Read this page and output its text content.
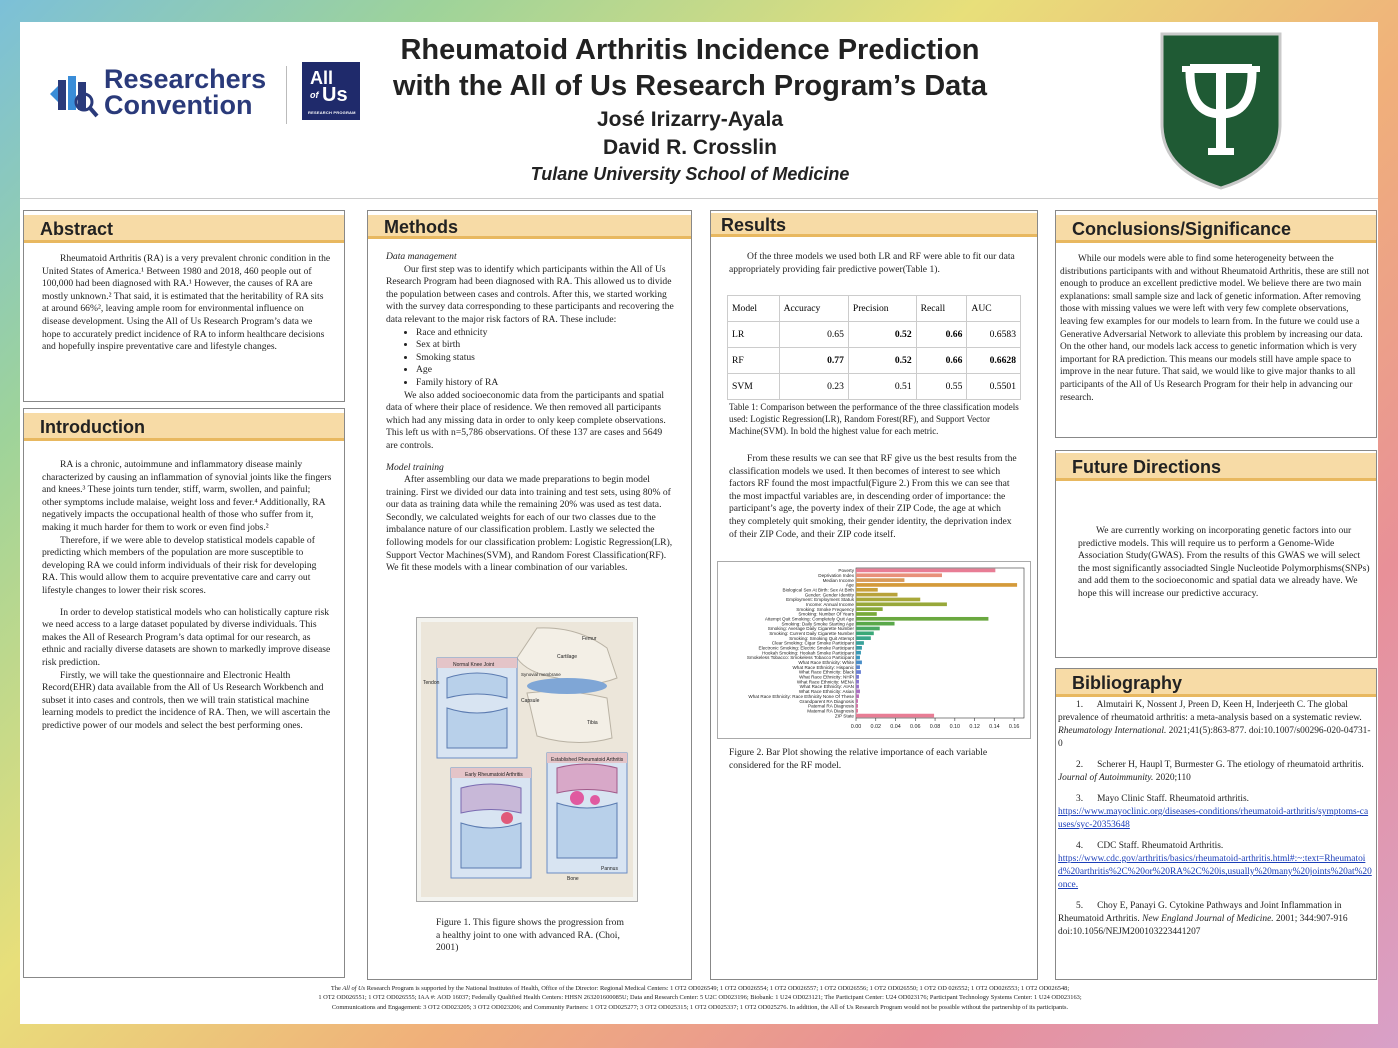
Researchers
Convention
All
of Us
RESEARCH PROGRAM
Rheumatoid Arthritis Incidence Prediction
with the All of Us Research Program’s Data
José Irizarry-Ayala
David R. Crosslin
Tulane University School of Medicine
Abstract

Rheumatoid Arthritis (RA) is a very prevalent chronic condition in the United States of America.¹ Between 1980 and 2018, 460 people out of 100,000 had been diagnosed with RA.¹ However, the causes of RA are mostly unknown.² That said, it is estimated that the heritability of RA sits at around 66%², leaving ample room for environmental influence on disease development. Using the All of Us Research Program’s data we hope to accurately predict incidence of RA to inform healthcare decisions and hopefully inspire preventative care and lifestyle changes.

Introduction

RA is a chronic, autoimmune and inflammatory disease mainly characterized by causing an inflammation of synovial joints like the fingers and knees.³ These joints turn tender, stiff, warm, swollen, and painful; other symptoms include malaise, weight loss and fever.⁴ Additionally, RA negatively impacts the occupational health of those who suffer from it, making it much harder for them to work or even find jobs.²

Therefore, if we were able to develop statistical models capable of predicting which members of the population are more susceptible to developing RA we could inform individuals of their risk for developing RA. This would allow them to acquire preventative care and carry out lifestyle changes to lower their risk scores.

In order to develop statistical models who can holistically capture risk we need access to a large dataset populated by diverse individuals. This makes the All of Research Program’s data optimal for our research, as ethnic and racially diverse datasets are shown to markedly improve disease risk prediction.

Firstly, we will take the questionnaire and Electronic Health Record(EHR) data available from the All of Us Research Workbench and subset it into cases and controls, then we will train statistical machine learning models to predict the incidence of RA. Then, we will ascertain the predictive power of our models and select the best performing ones.

Methods
Data management

Our first step was to identify which participants within the All of Us Research Program had been diagnosed with RA. This allowed us to divide the population between cases and controls. After this, we started working with the survey data corresponding to these participants and recovering the data relevant to the major risk factors of RA. These include:

• Race and ethnicity
• Sex at birth
• Smoking status
• Age
• Family history of RA

We also added socioeconomic data from the participants and spatial data of where their place of residence. We then removed all participants which had any missing data in order to only keep complete observations. This left us with n=5,786 observations. Of these 137 are cases and 5649 are controls.

Model training

After assembling our data we made preparations to begin model training. First we divided our data into training and test sets, using 80% of our data as training data while the remaining 20% was used as test data. Secondly, we calculated weights for each of our two classes due to the imbalance nature of our classification problem. Lastly we selected the following models for our classification problem: Logistic Regression(LR), Support Vector Machines(SVM), and Random Forest Classification(RF). We fit these models with a linear combination of our variables.

Normal Knee Joint
Early Rheumatoid Arthritis
Established Rheumatoid Arthritis
Femur
Tibia
Cartilage
Synovial membrane
Capsule
Tendon
Bone
Pannus
Figure 1. This figure shows the progression from a healthy joint to one with advanced RA. (Choi, 2001)
Results

Of the three models we used both LR and RF were able to fit our data appropriately providing fair predictive power(Table 1).

Model	Accuracy	Precision	Recall	AUC
LR	0.65	0.52	0.66	0.6583
RF	0.77	0.52	0.66	0.6628
SVM	0.23	0.51	0.55	0.5501
Table 1: Comparison between the performance of the three classification models used: Logistic Regression(LR), Random Forest(RF), and Support Vector Machine(SVM). In bold the highest value for each metric.

From these results we can see that RF give us the best results from the classification models we used. It then becomes of interest to see which factors RF found the most impactful(Figure 2.) From this we can see that the most impactful variables are, in descending order of importance: the participant’s age, the poverty index of their ZIP Code, the age at which they completely quit smoking, their gender identity, the deprivation index of their ZIP Code, and their ZIP code itself.

Poverty
Deprivation Index
Median Income
Age
Biological Sex At Birth: Sex At Birth
Gender: Gender Identity
Employment: Employment Status
Income: Annual Income
Smoking: Smoke Frequency
Smoking: Number Of Years
Attempt Quit Smoking: Completely Quit Age
Smoking: Daily Smoke Starting Age
Smoking: Average Daily Cigarette Number
Smoking: Current Daily Cigarette Number
Smoking: Smoking Quit Attempt
Clear Smoking: Cigar Smoke Participant
Electronic Smoking: Electric Smoke Participant
Hookah Smoking: Hookah Smoke Participant
Smokeless Tobacco: Smokeless Tobacco Participant
What Race Ethnicity: White
What Race Ethnicity: Hispanic
What Race Ethnicity: Black
What Race Ethnicity: NHPI
What Race Ethnicity: MENA
What Race Ethnicity: AIAN
What Race Ethnicity: Asian
What Race Ethnicity: Race Ethnicity None Of These
Grandparent RA Diagnosis
Paternal RA Diagnosis
Maternal RA Diagnosis
ZIP State
0.00 0.02 0.04 0.06 0.08 0.10 0.12 0.14 0.16
Figure 2. Bar Plot showing the relative importance of each variable considered for the RF model.
Conclusions/Significance

While our models were able to find some heterogeneity between the distributions participants with and without Rheumatoid Arthritis, these are still not enough to produce an excellent predictive model. We believe there are two main explanations: small sample size and lack of genetic information. After removing those with missing values we were left with very few complete observations, leaving few examples for our models to learn from. In the future we could use a Generative Adversarial Network to alleviate this problem by increasing our data. On the other hand, our models lack access to genetic information which is very important for RA prediction. This means our models still have ample space to improve in the near future. That said, we would like to give major thanks to all participants of the All of Us Research Program for their help in advancing our research.

Future Directions

We are currently working on incorporating genetic factors into our predictive models. This will require us to perform a Genome-Wide Association Study(GWAS). From the results of this GWAS we will select the most significantly associadted Single Nucleotide Polymorphisms(SNPs) and add them to the socioeconomic and spatial data we already have. We hope this will increase our predictive accuracy.

Bibliography

1.      Almutairi K, Nossent J, Preen D, Keen H, Inderjeeth C. The global prevalence of rheumatoid arthritis: a meta-analysis based on a systematic review. Rheumatology International. 2021;41(5):863-877. doi:10.1007/s00296-020-04731-0

2.      Scherer H, Haupl T, Burmester G. The etiology of rheumatoid arthritis. Journal of Autoimmunity. 2020;110

3.      Mayo Clinic Staff. Rheumatoid arthritis.
https://www.mayoclinic.org/diseases-conditions/rheumatoid-arthritis/symptoms-causes/syc-20353648

4.      CDC Staff. Rheumatoid Arthritis.
https://www.cdc.gov/arthritis/basics/rheumatoid-arthritis.html#:~:text=Rheumatoid%20arthritis%2C%20or%20RA%2C%20is,usually%20many%20joints%20at%20once.

5.      Choy E, Panayi G. Cytokine Pathways and Joint Inflammation in Rheumatoid Arthritis. New England Journal of Medicine. 2001; 344:907-916 doi:10.1056/NEJM200103223441207

The All of Us Research Program is supported by the National Institutes of Health, Office of the Director: Regional Medical Centers: 1 OT2 OD026549; 1 OT2 OD026554; 1 OT2 OD026557; 1 OT2 OD026556; 1 OT2 OD026550; 1 OT2 OD 026552; 1 OT2 OD026553; 1 OT2 OD026548;
1 OT2 OD026551; 1 OT2 OD026555; IAA #: AOD 16037; Federally Qualified Health Centers: HHSN 263201600085U; Data and Research Center: 5 U2C OD023196; Biobank: 1 U24 OD023121; The Participant Center: U24 OD023176; Participant Technology Systems Center: 1 U24 OD023163;
Communications and Engagement: 3 OT2 OD023205; 3 OT2 OD023206; and Community Partners: 1 OT2 OD025277; 3 OT2 OD025315; 1 OT2 OD025337; 1 OT2 OD025276. In addition, the All of Us Research Program would not be possible without the partnership of its participants.
